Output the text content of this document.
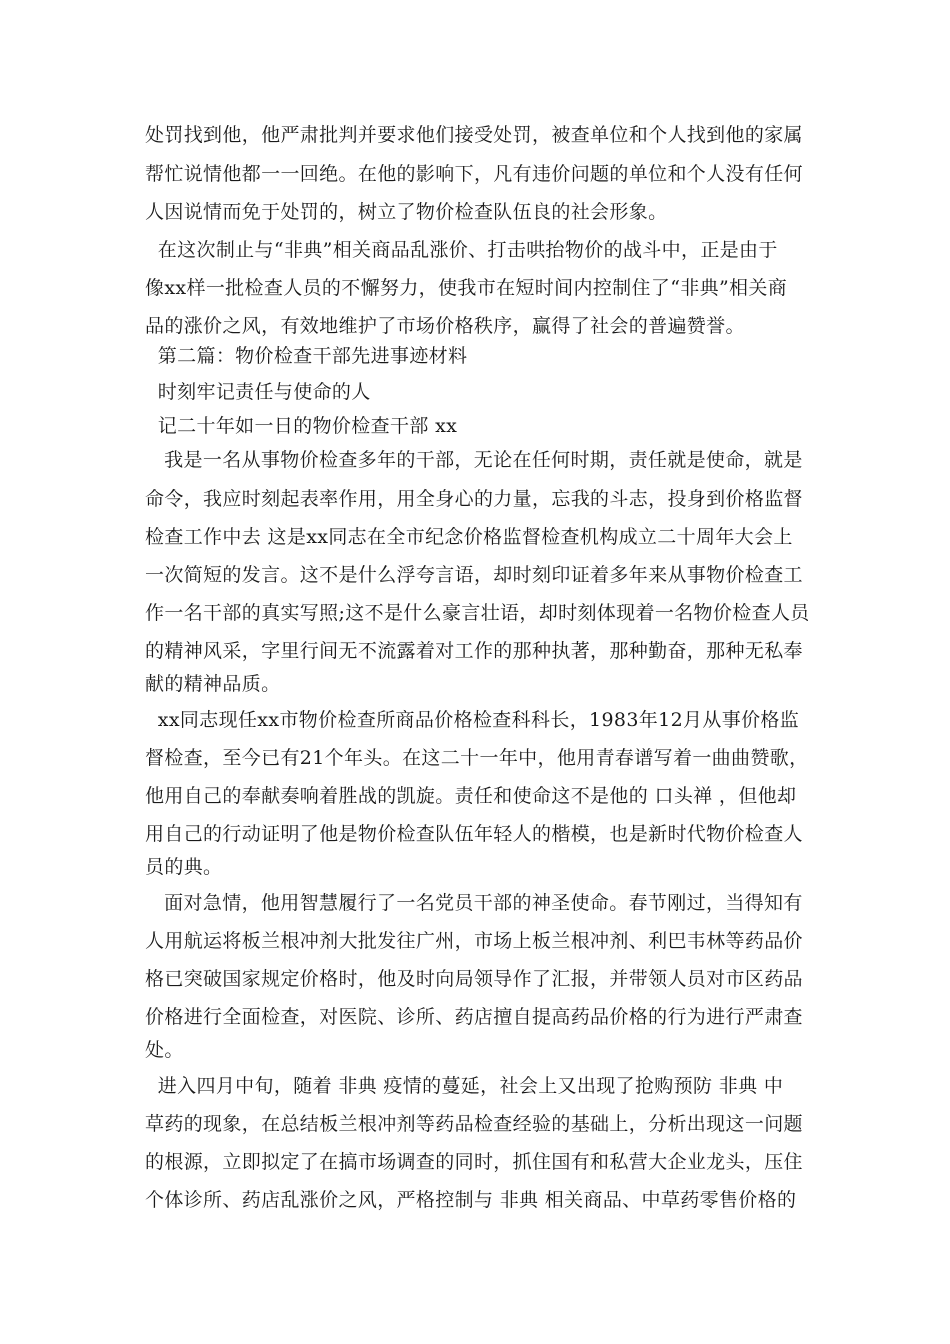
处罚找到他，他严肃批判并要求他们接受处罚，被查单位和个人找到他的家属
帮忙说情他都一一回绝。在他的影响下，凡有违价问题的单位和个人没有任何
人因说情而免于处罚的，树立了物价检查队伍良的社会形象。
在这次制止与“非典”相关商品乱涨价、打击哄抬物价的战斗中，正是由于
像xx样一批检查人员的不懈努力，使我市在短时间内控制住了“非典”相关商
品的涨价之风，有效地维护了市场价格秩序，赢得了社会的普遍赞誉。
第二篇：物价检查干部先进事迹材料
时刻牢记责任与使命的人
记二十年如一日的物价检查干部 xx
我是一名从事物价检查多年的干部，无论在任何时期，责任就是使命，就是
命令，我应时刻起表率作用，用全身心的力量，忘我的斗志，投身到价格监督
检查工作中去 这是xx同志在全市纪念价格监督检查机构成立二十周年大会上
一次简短的发言。这不是什么浮夸言语，却时刻印证着多年来从事物价检查工
作一名干部的真实写照;这不是什么豪言壮语，却时刻体现着一名物价检查人员
的精神风采，字里行间无不流露着对工作的那种执著，那种勤奋，那种无私奉
献的精神品质。
xx同志现任xx市物价检查所商品价格检查科科长，1983年12月从事价格监
督检查，至今已有21个年头。在这二十一年中，他用青春谱写着一曲曲赞歌，
他用自己的奉献奏响着胜战的凯旋。责任和使命这不是他的 口头禅 ，但他却
用自己的行动证明了他是物价检查队伍年轻人的楷模，也是新时代物价检查人
员的典。
面对急情，他用智慧履行了一名党员干部的神圣使命。春节刚过，当得知有
人用航运将板兰根冲剂大批发往广州，市场上板兰根冲剂、利巴韦林等药品价
格已突破国家规定价格时，他及时向局领导作了汇报，并带领人员对市区药品
价格进行全面检查，对医院、诊所、药店擅自提高药品价格的行为进行严肃查
处。
进入四月中旬，随着 非典 疫情的蔓延，社会上又出现了抢购预防 非典 中
草药的现象，在总结板兰根冲剂等药品检查经验的基础上，分析出现这一问题
的根源，立即拟定了在搞市场调查的同时，抓住国有和私营大企业龙头，压住
个体诊所、药店乱涨价之风，严格控制与 非典 相关商品、中草药零售价格的
